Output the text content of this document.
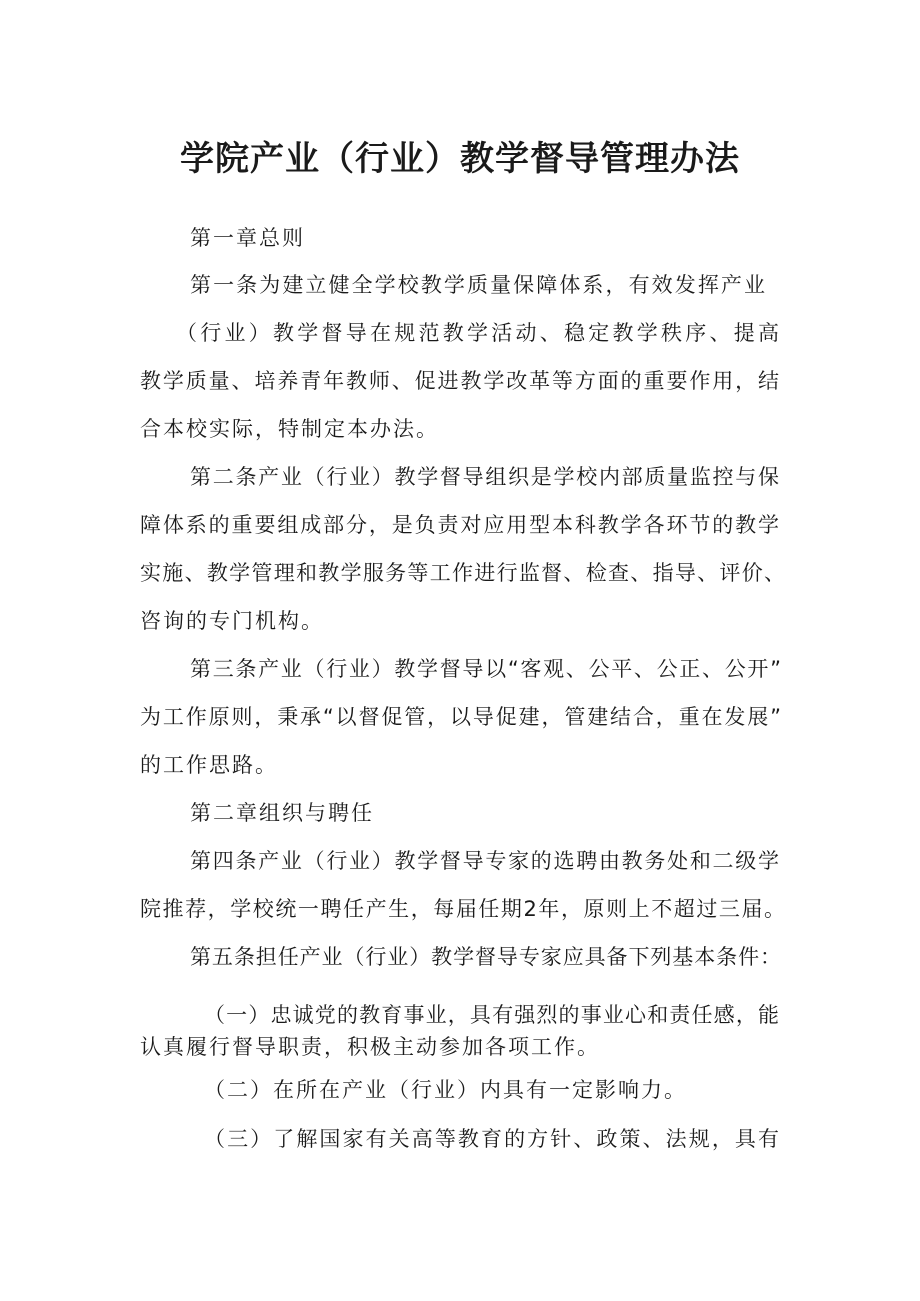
学院产业（行业）教学督导管理办法
第一章总则
第一条为建立健全学校教学质量保障体系，有效发挥产业
（行业）教学督导在规范教学活动、稳定教学秩序、提高
教学质量、培养青年教师、促进教学改革等方面的重要作用，结
合本校实际，特制定本办法。
第二条产业（行业）教学督导组织是学校内部质量监控与保
障体系的重要组成部分，是负责对应用型本科教学各环节的教学
实施、教学管理和教学服务等工作进行监督、检查、指导、评价、
咨询的专门机构。
第三条产业（行业）教学督导以“客观、公平、公正、公开”
为工作原则，秉承“以督促管，以导促建，管建结合，重在发展”
的工作思路。
第二章组织与聘任
第四条产业（行业）教学督导专家的选聘由教务处和二级学
院推荐，学校统一聘任产生，每届任期2年，原则上不超过三届。
第五条担任产业（行业）教学督导专家应具备下列基本条件：
（一）忠诚党的教育事业，具有强烈的事业心和责任感，能
认真履行督导职责，积极主动参加各项工作。
（二）在所在产业（行业）内具有一定影响力。
（三）了解国家有关高等教育的方针、政策、法规，具有
